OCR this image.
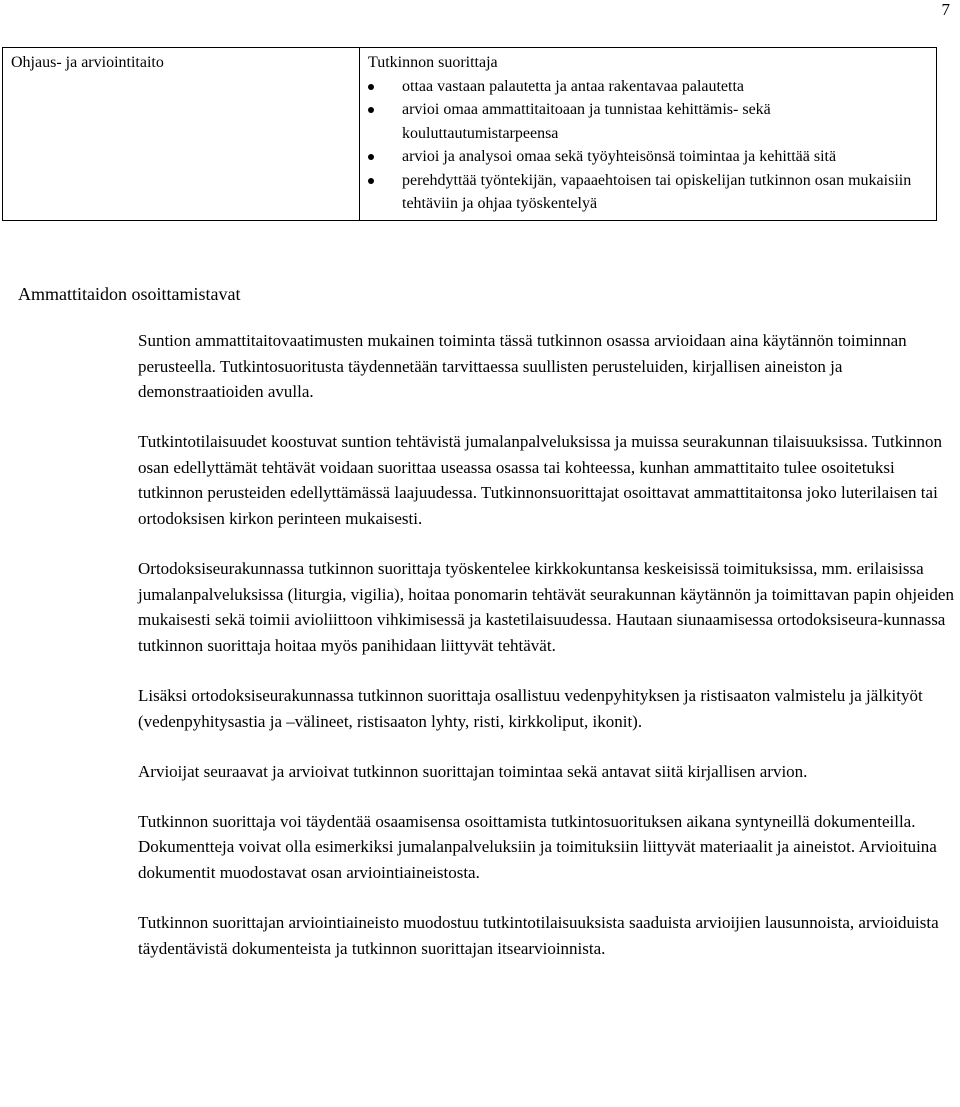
7
Ohjaus- ja arviointitaito	Tutkinnon suorittaja
ottaa vastaan palautetta ja antaa rakentavaa palautetta
arvioi omaa ammattitaitoaan ja tunnistaa kehittämis- sekä kouluttautumistarpeensa
arvioi ja analysoi omaa sekä työyhteisönsä toimintaa ja kehittää sitä
perehdyttää työntekijän, vapaaehtoisen tai opiskelijan tutkinnon osan mukaisiin tehtäviin ja ohjaa työskentelyä
Ammattitaidon osoittamistavat

Suntion ammattitaitovaatimusten mukainen toiminta tässä tutkinnon osassa arvioidaan aina käytännön toiminnan perusteella. Tutkintosuoritusta täydennetään tarvittaessa suullisten perusteluiden, kirjallisen aineiston ja demonstraatioiden avulla.

Tutkintotilaisuudet koostuvat suntion tehtävistä jumalanpalveluksissa ja muissa seurakunnan tilaisuuksissa. Tutkinnon osan edellyttämät tehtävät voidaan suorittaa useassa osassa tai kohteessa, kunhan ammattitaito tulee osoitetuksi tutkinnon perusteiden edellyttämässä laajuudessa. Tutkinnonsuorittajat osoittavat ammattitaitonsa joko luterilaisen tai ortodoksisen kirkon perinteen mukaisesti.

Ortodoksiseurakunnassa tutkinnon suorittaja työskentelee kirkkokuntansa keskeisissä toimituksissa, mm. erilaisissa jumalanpalveluksissa (liturgia, vigilia), hoitaa ponomarin tehtävät seurakunnan käytännön ja toimittavan papin ohjeiden mukaisesti sekä toimii avioliittoon vihkimisessä ja kastetilaisuudessa. Hautaan siunaamisessa ortodoksiseura-kunnassa tutkinnon suorittaja hoitaa myös panihidaan liittyvät tehtävät.

Lisäksi ortodoksiseurakunnassa tutkinnon suorittaja osallistuu vedenpyhityksen ja ristisaaton valmistelu ja jälkityöt (vedenpyhitysastia ja –välineet, ristisaaton lyhty, risti, kirkkoliput, ikonit).

Arvioijat seuraavat ja arvioivat tutkinnon suorittajan toimintaa sekä antavat siitä kirjallisen arvion.

Tutkinnon suorittaja voi täydentää osaamisensa osoittamista tutkintosuorituksen aikana syntyneillä dokumenteilla. Dokumentteja voivat olla esimerkiksi jumalanpalveluksiin ja toimituksiin liittyvät materiaalit ja aineistot. Arvioituina dokumentit muodostavat osan arviointiaineistosta.

Tutkinnon suorittajan arviointiaineisto muodostuu tutkintotilaisuuksista saaduista arvioijien lausunnoista, arvioiduista täydentävistä dokumenteista ja tutkinnon suorittajan itsearvioinnista.
